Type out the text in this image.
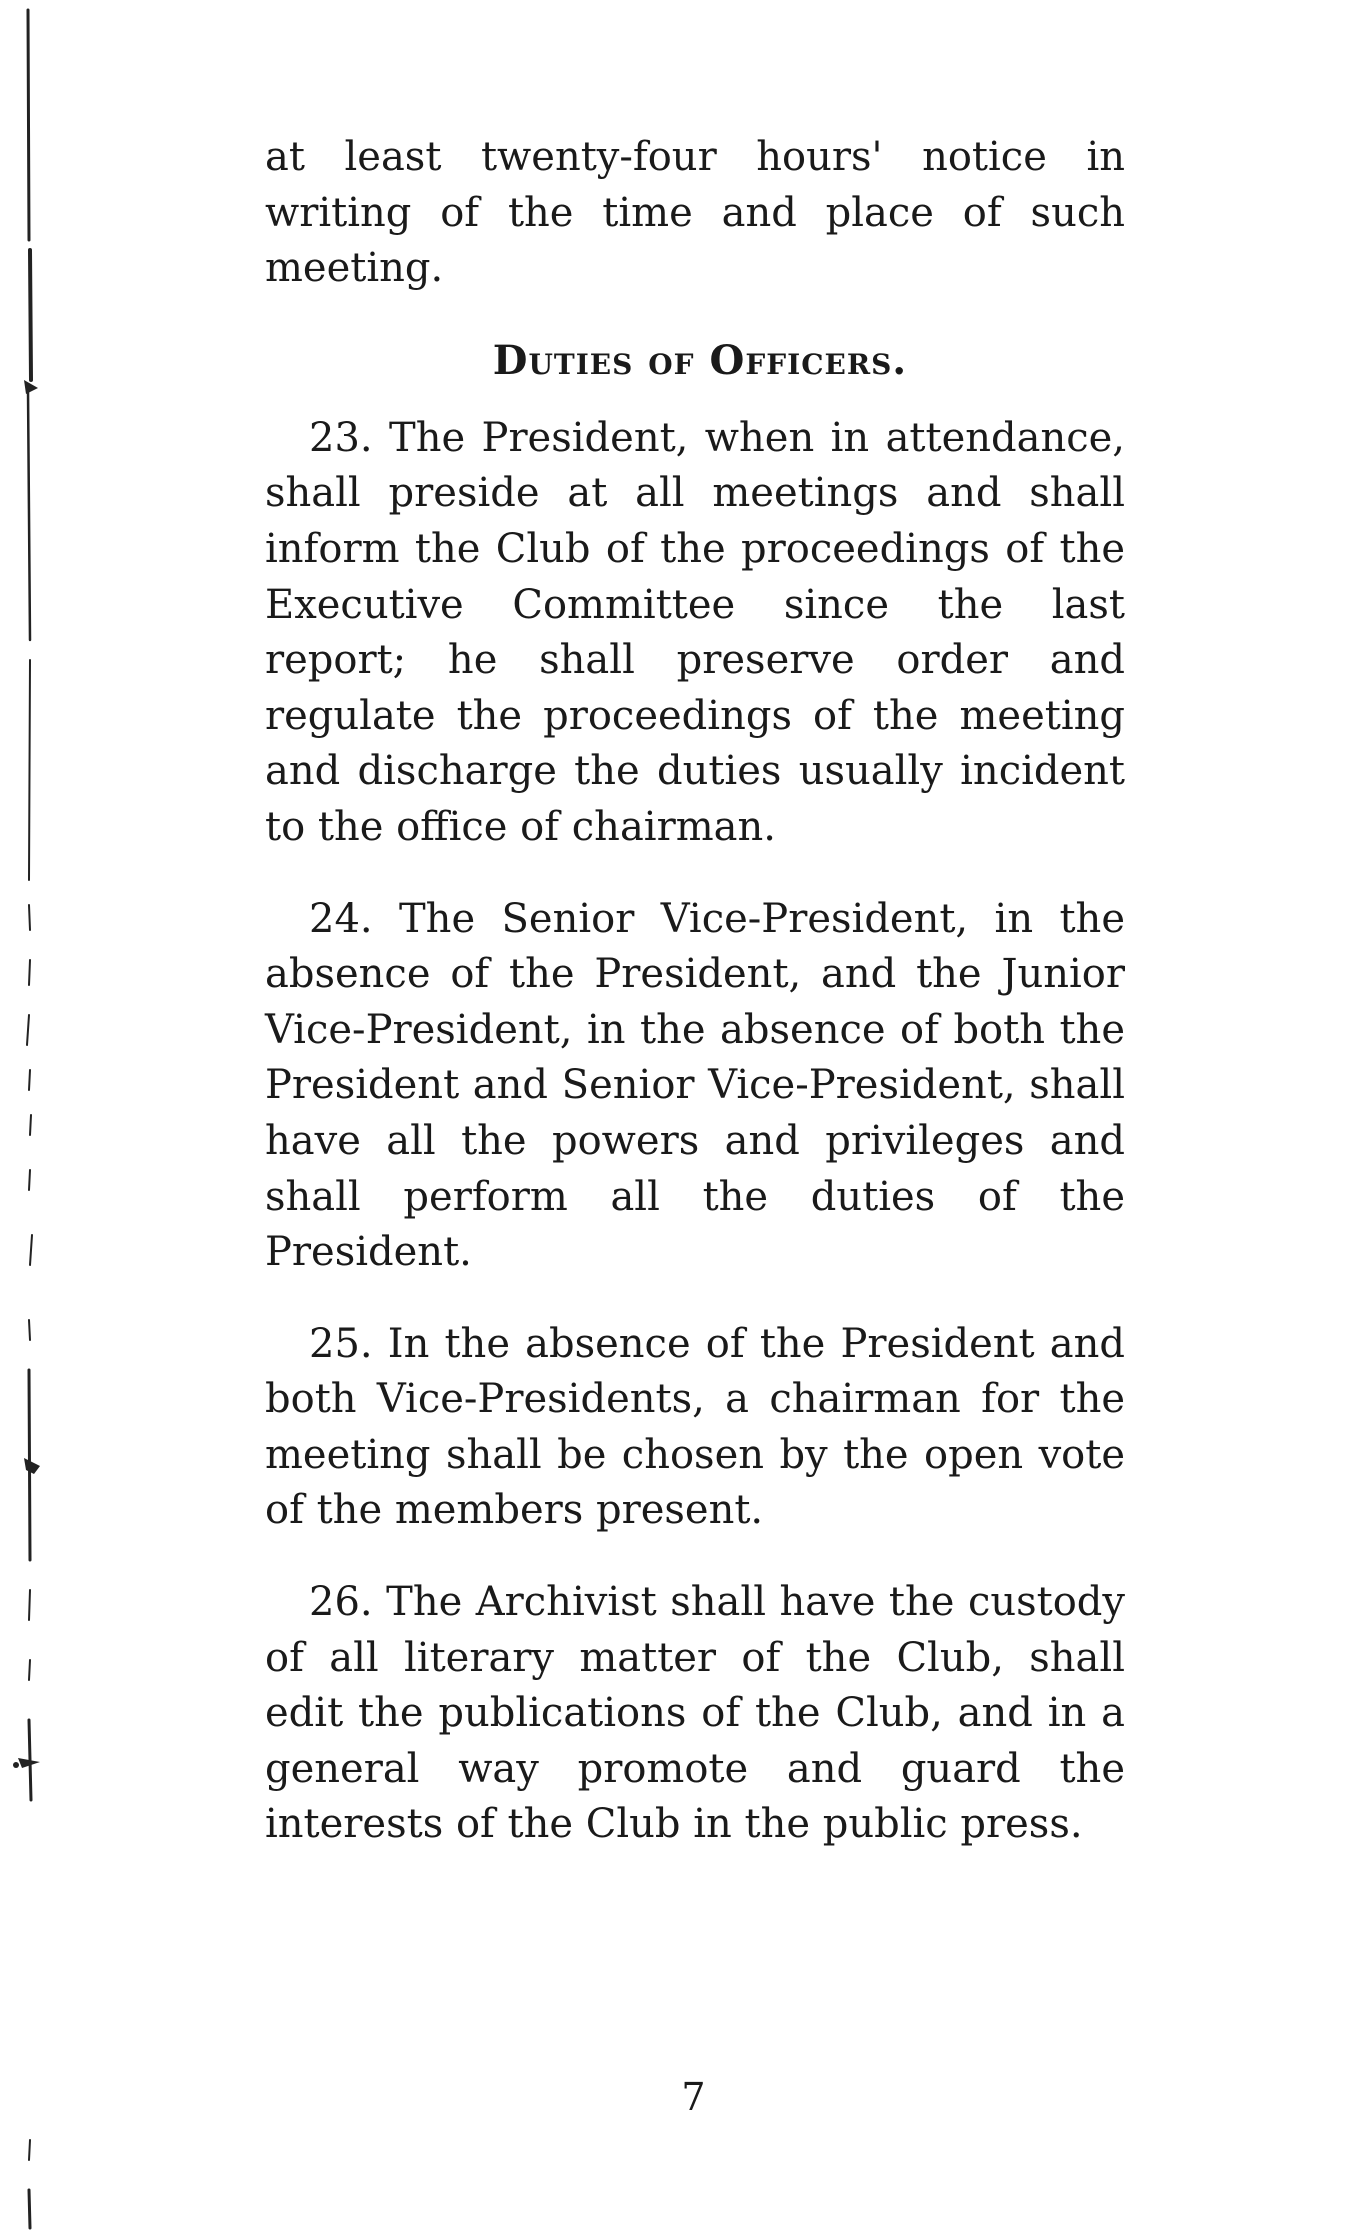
at least twenty-four hours' notice in writing of the time and place of such meeting.

Duties of Officers.

23. The President, when in attendance, shall preside at all meetings and shall inform the Club of the proceedings of the Executive Committee since the last report; he shall preserve order and regulate the proceedings of the meeting and discharge the duties usually incident to the office of chairman.

24. The Senior Vice-President, in the absence of the President, and the Junior Vice-President, in the absence of both the President and Senior Vice-President, shall have all the powers and privileges and shall perform all the duties of the President.

25. In the absence of the President and both Vice-Presidents, a chairman for the meeting shall be chosen by the open vote of the members present.

26. The Archivist shall have the custody of all literary matter of the Club, shall edit the publications of the Club, and in a general way promote and guard the interests of the Club in the public press.

7
